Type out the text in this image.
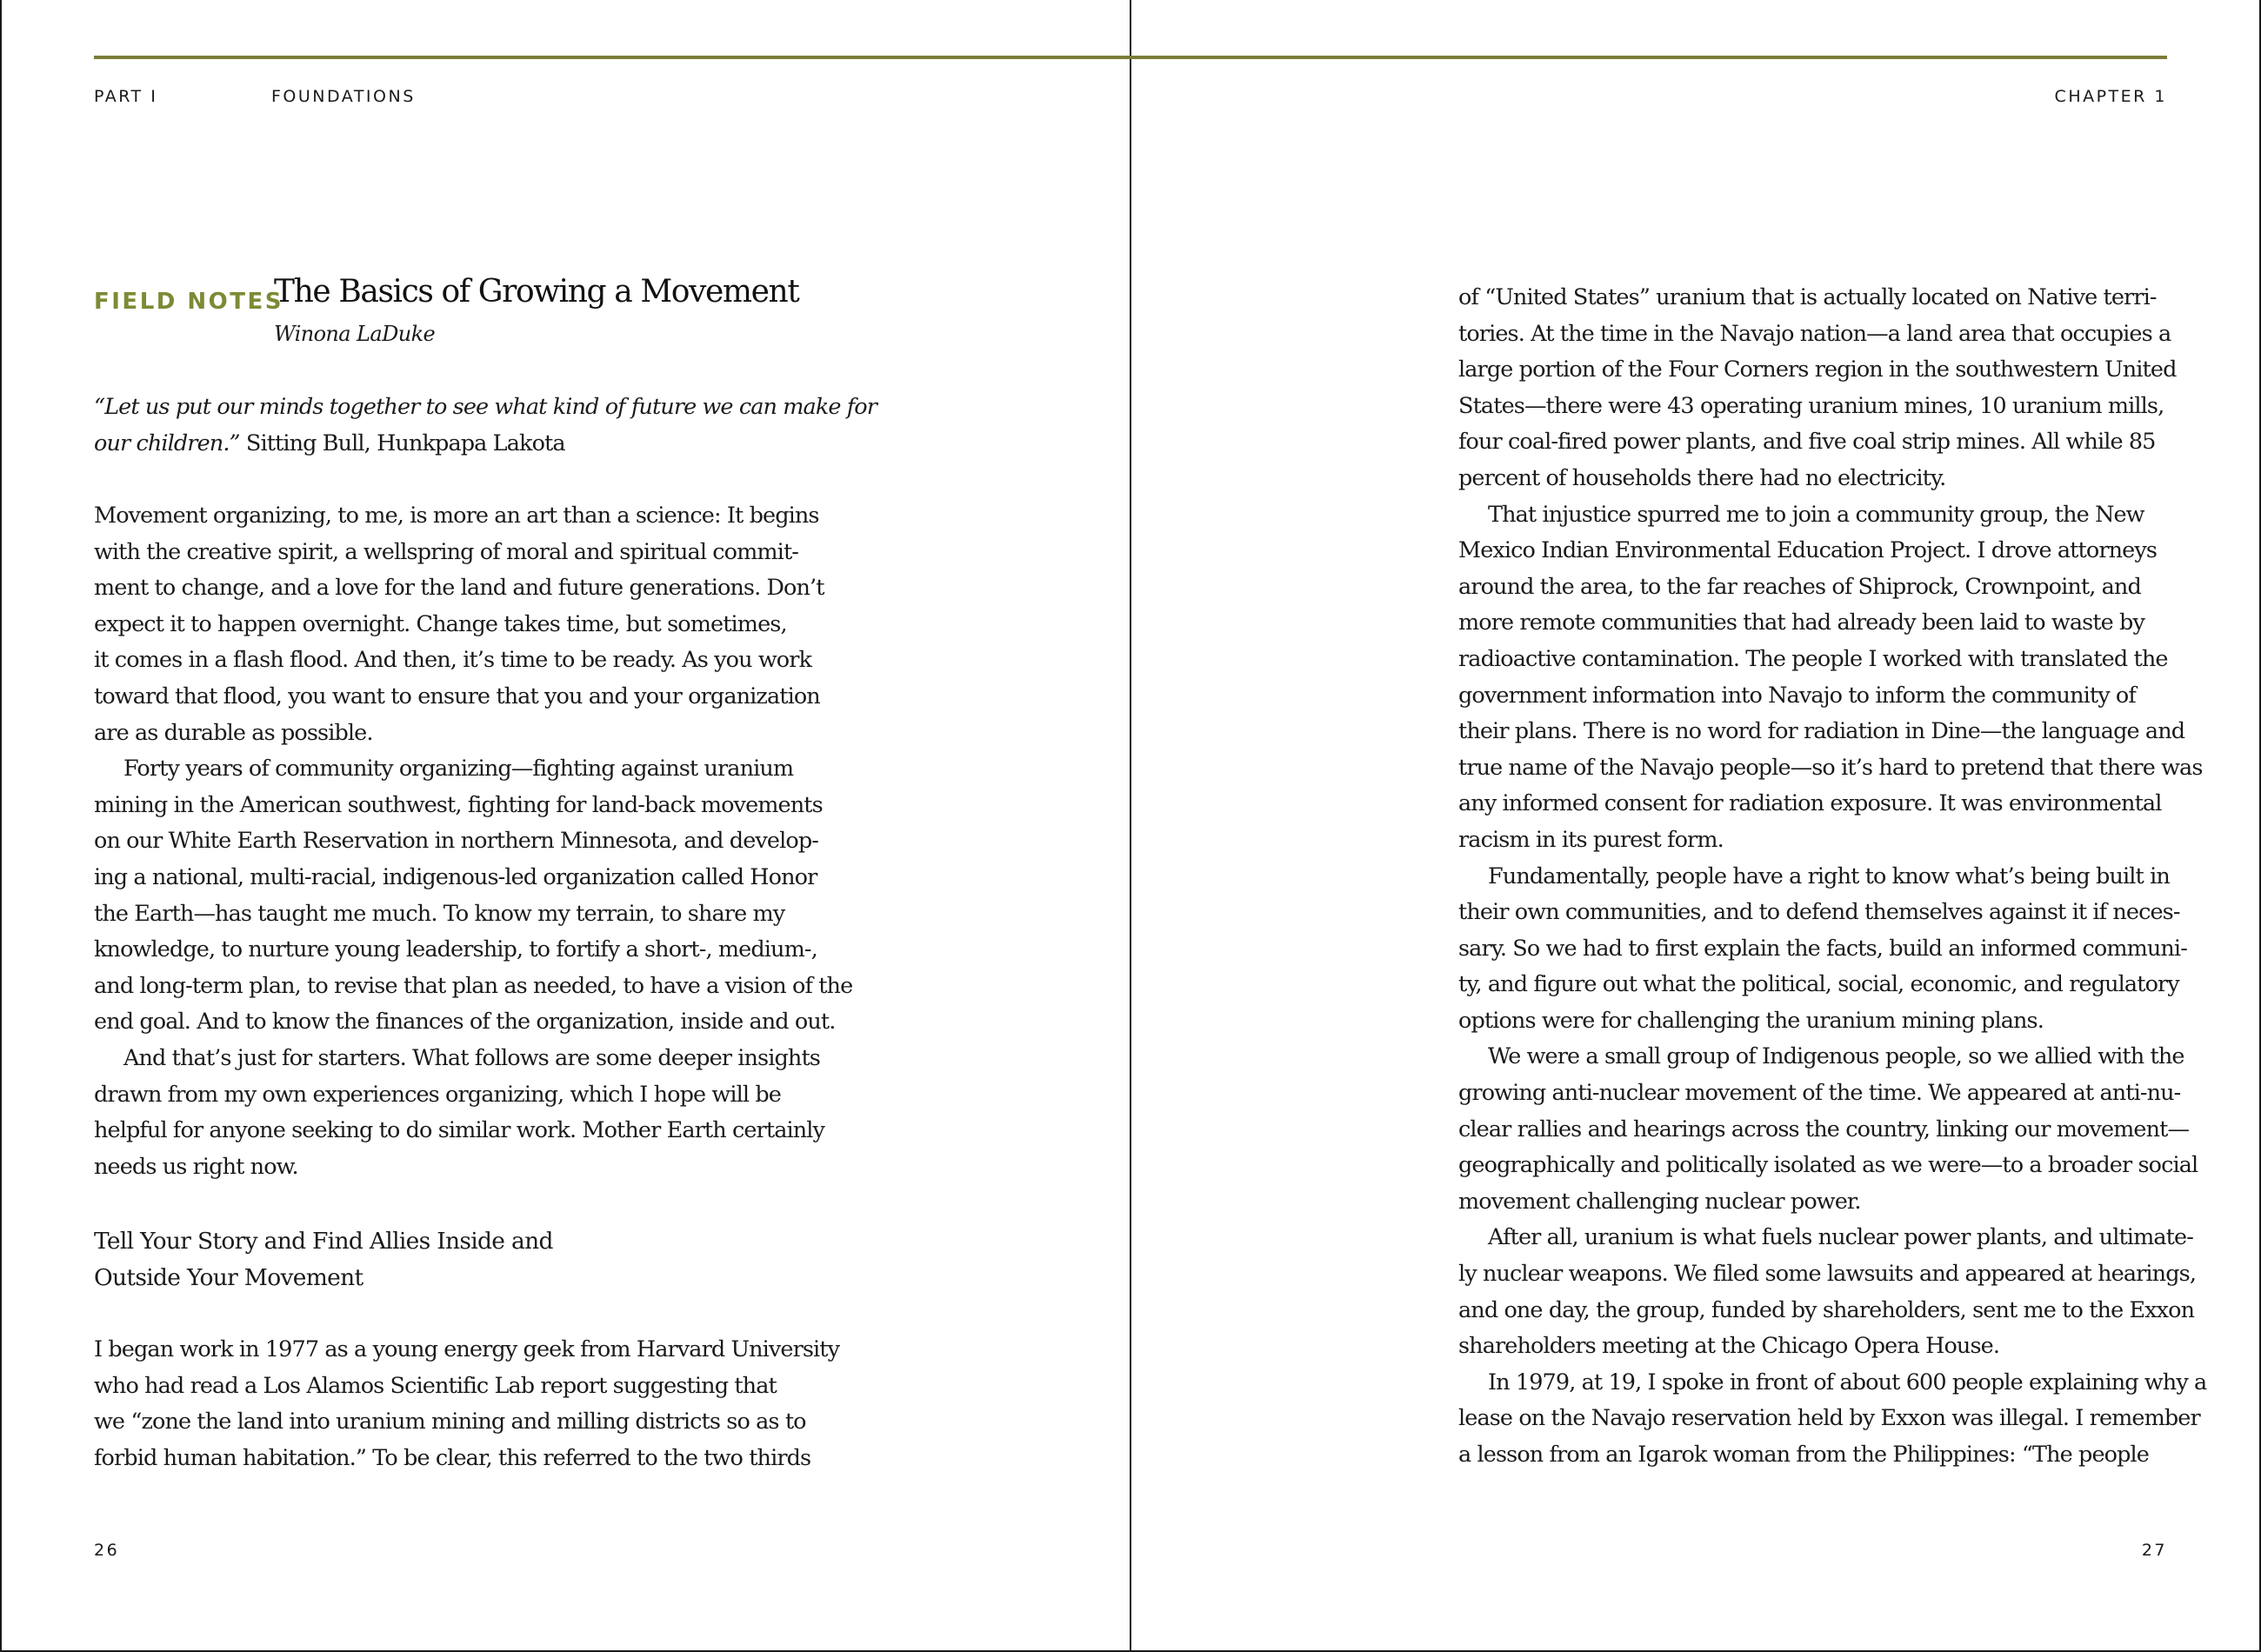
PART I	FOUNDATIONS	CHAPTER 1
FIELD NOTES
The Basics of Growing a Movement
Winona LaDuke
“Let us put our minds together to see what kind of future we can make for
our children.” Sitting Bull, Hunkpapa Lakota
Movement organizing, to me, is more an art than a science: It begins
with the creative spirit, a wellspring of moral and spiritual commit-
ment to change, and a love for the land and future generations. Don’t
expect it to happen overnight. Change takes time, but sometimes,
it comes in a flash flood. And then, it’s time to be ready. As you work
toward that flood, you want to ensure that you and your organization
are as durable as possible.
Forty years of community organizing—fighting against uranium
mining in the American southwest, fighting for land-back movements
on our White Earth Reservation in northern Minnesota, and develop-
ing a national, multi-racial, indigenous-led organization called Honor
the Earth—has taught me much. To know my terrain, to share my
knowledge, to nurture young leadership, to fortify a short-, medium-,
and long-term plan, to revise that plan as needed, to have a vision of the
end goal. And to know the finances of the organization, inside and out.
And that’s just for starters. What follows are some deeper insights
drawn from my own experiences organizing, which I hope will be
helpful for anyone seeking to do similar work. Mother Earth certainly
needs us right now.
Tell Your Story and Find Allies Inside and
Outside Your Movement
I began work in 1977 as a young energy geek from Harvard University
who had read a Los Alamos Scientific Lab report suggesting that
we “zone the land into uranium mining and milling districts so as to
forbid human habitation.” To be clear, this referred to the two thirds
of “United States” uranium that is actually located on Native terri-
tories. At the time in the Navajo nation—a land area that occupies a
large portion of the Four Corners region in the southwestern United
States—there were 43 operating uranium mines, 10 uranium mills,
four coal-fired power plants, and five coal strip mines. All while 85
percent of households there had no electricity.
That injustice spurred me to join a community group, the New
Mexico Indian Environmental Education Project. I drove attorneys
around the area, to the far reaches of Shiprock, Crownpoint, and
more remote communities that had already been laid to waste by
radioactive contamination. The people I worked with translated the
government information into Navajo to inform the community of
their plans. There is no word for radiation in Dine—the language and
true name of the Navajo people—so it’s hard to pretend that there was
any informed consent for radiation exposure. It was environmental
racism in its purest form.
Fundamentally, people have a right to know what’s being built in
their own communities, and to defend themselves against it if neces-
sary. So we had to first explain the facts, build an informed communi-
ty, and figure out what the political, social, economic, and regulatory
options were for challenging the uranium mining plans.
We were a small group of Indigenous people, so we allied with the
growing anti-nuclear movement of the time. We appeared at anti-nu-
clear rallies and hearings across the country, linking our movement—
geographically and politically isolated as we were—to a broader social
movement challenging nuclear power.
After all, uranium is what fuels nuclear power plants, and ultimate-
ly nuclear weapons. We filed some lawsuits and appeared at hearings,
and one day, the group, funded by shareholders, sent me to the Exxon
shareholders meeting at the Chicago Opera House.
In 1979, at 19, I spoke in front of about 600 people explaining why a
lease on the Navajo reservation held by Exxon was illegal. I remember
a lesson from an Igarok woman from the Philippines: “The people
26	27
